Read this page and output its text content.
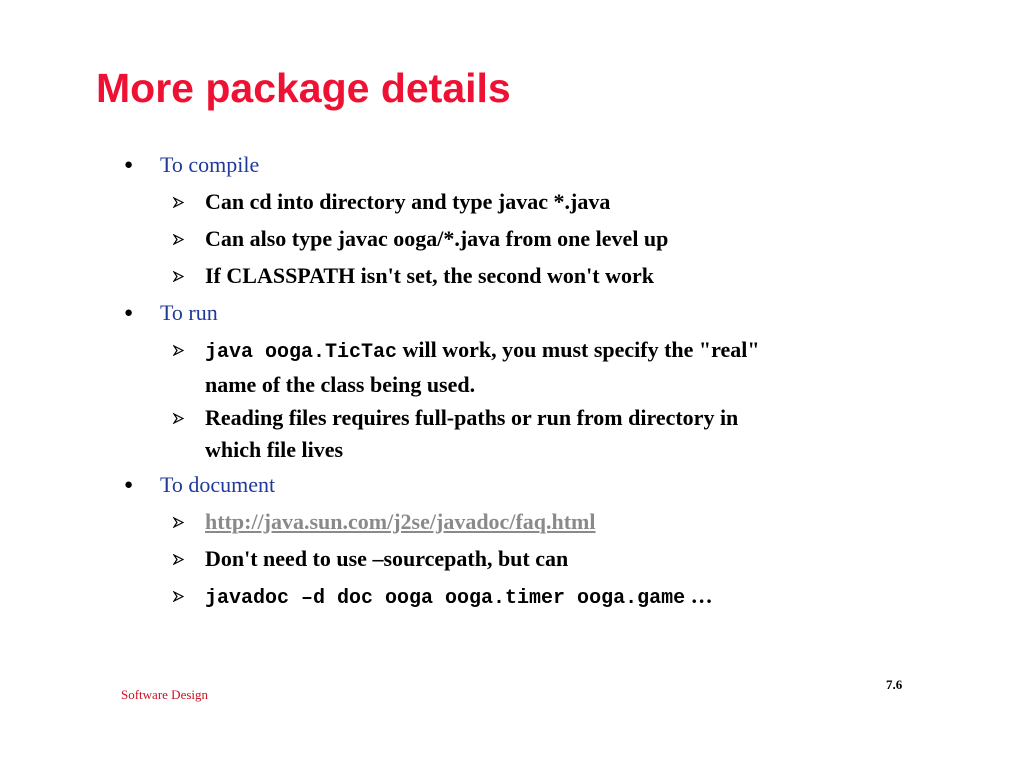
More package details
● To compile
Can cd into directory and type javac *.java
Can also type javac ooga/*.java from one level up
If CLASSPATH isn't set, the second won't work
● To run
java ooga.TicTac will work, you must specify the "real"
name of the class being used.
Reading files requires full-paths or run from directory in
which file lives
● To document
http://java.sun.com/j2se/javadoc/faq.html
Don't need to use –sourcepath, but can
javadoc –d doc ooga ooga.timer ooga.game …
Software Design
7.6
